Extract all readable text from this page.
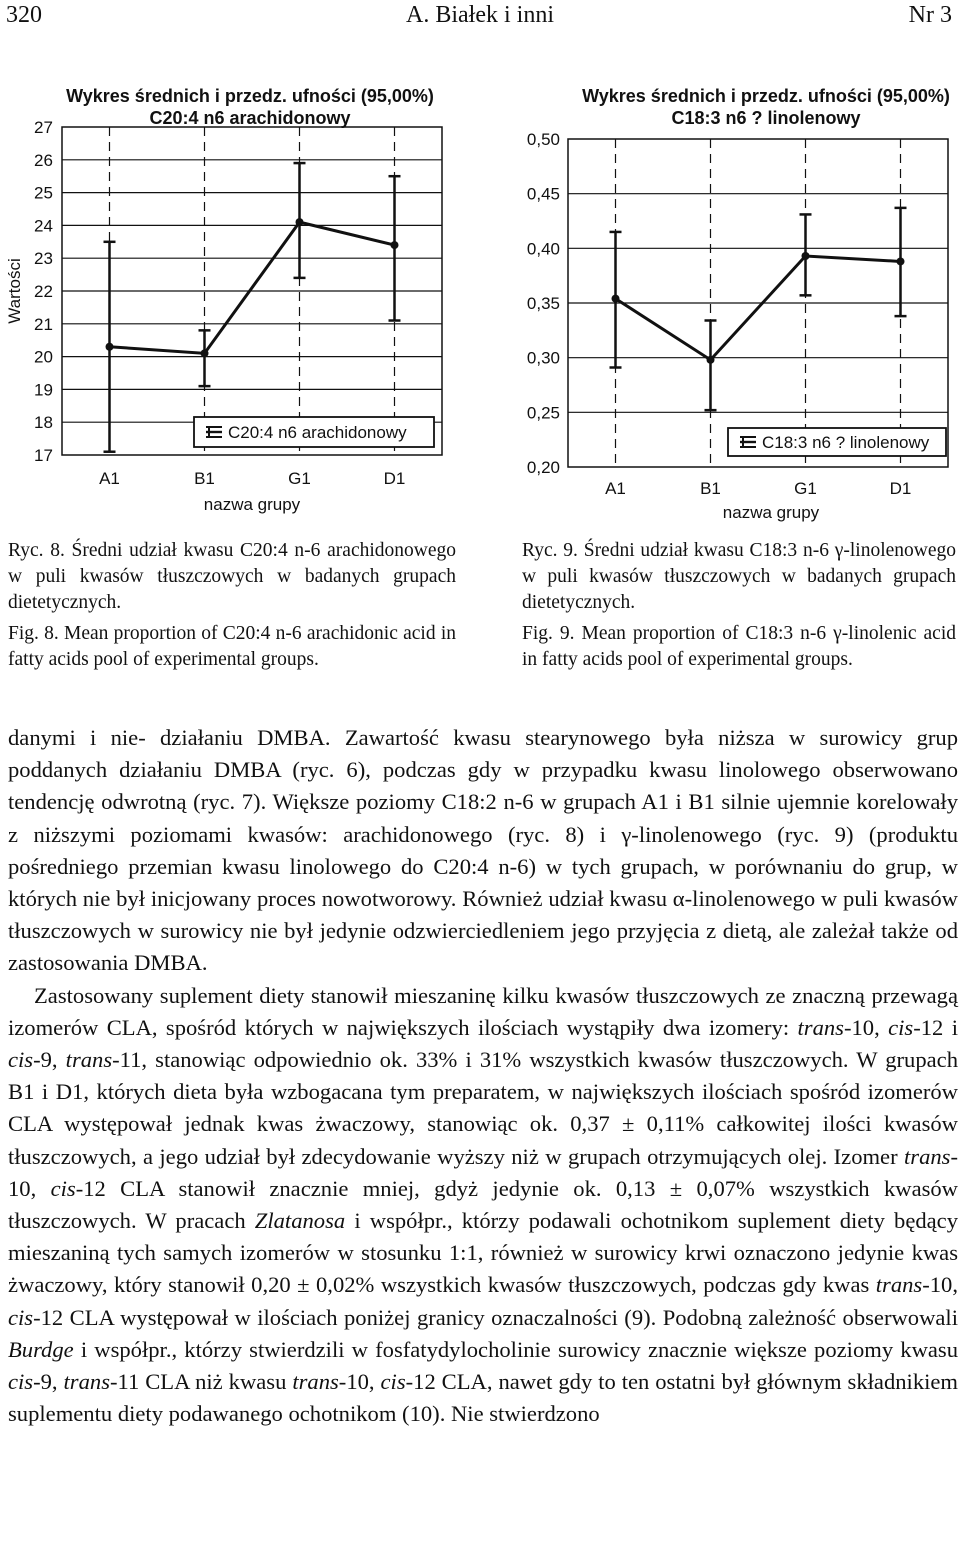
320	A. Białek i inni	Nr 3
Wykres średnich i przedz. ufności (95,00%)
C20:4 n6 arachidonowy
27
26
25
24
23
22
21
20
19
18
17
A1	B1	G1	D1
nazwa grupy
Wartości
C20:4 n6 arachidonowy
Wykres średnich i przedz. ufności (95,00%)
C18:3 n6 ? linolenowy
0,50
0,45
0,40
0,35
0,30
0,25
0,20
A1	B1	G1	D1
nazwa grupy
C18:3 n6 ? linolenowy

Ryc. 8. Średni udział kwasu C20:4 n-6 arachidonowego w puli kwasów tłuszczowych w badanych grupach dietetycznych.

Fig. 8. Mean proportion of C20:4 n-6 arachidonic acid in fatty acids pool of experimental groups.

Ryc. 9. Średni udział kwasu C18:3 n-6 γ-linolenowego w puli kwasów tłuszczowych w badanych grupach dietetycznych.

Fig. 9. Mean proportion of C18:3 n-6 γ-linolenic acid in fatty acids pool of experimental groups.

danymi i nie- działaniu DMBA. Zawartość kwasu stearynowego była niższa w surowicy grup poddanych działaniu DMBA (ryc. 6), podczas gdy w przypadku kwasu linolowego obserwowano tendencję odwrotną (ryc. 7). Większe poziomy C18:2 n-6 w grupach A1 i B1 silnie ujemnie korelowały z niższymi poziomami kwasów: arachidonowego (ryc. 8) i γ-linolenowego (ryc. 9) (produktu pośredniego przemian kwasu linolowego do C20:4 n-6) w tych grupach, w porównaniu do grup, w których nie był inicjowany proces nowotworowy. Również udział kwasu α-linolenowego w puli kwasów tłuszczowych w surowicy nie był jedynie odzwierciedleniem jego przyjęcia z dietą, ale zależał także od zastosowania DMBA.

Zastosowany suplement diety stanowił mieszaninę kilku kwasów tłuszczowych ze znaczną przewagą izomerów CLA, spośród których w największych ilościach wystąpiły dwa izomery: trans-10, cis-12 i cis-9, trans-11, stanowiąc odpowiednio ok. 33% i 31% wszystkich kwasów tłuszczowych. W grupach B1 i D1, których dieta była wzbogacana tym preparatem, w największych ilościach spośród izomerów CLA występował jednak kwas żwaczowy, stanowiąc ok. 0,37 ± 0,11% całkowitej ilości kwasów tłuszczowych, a jego udział był zdecydowanie wyższy niż w grupach otrzymujących olej. Izomer trans-10, cis-12 CLA stanowił znacznie mniej, gdyż jedynie ok. 0,13 ± 0,07% wszystkich kwasów tłuszczowych. W pracach Zlatanosa i współpr., którzy podawali ochotnikom suplement diety będący mieszaniną tych samych izomerów w stosunku 1:1, również w surowicy krwi oznaczono jedynie kwas żwaczowy, który stanowił 0,20 ± 0,02% wszystkich kwasów tłuszczowych, podczas gdy kwas trans-10, cis-12 CLA występował w ilościach poniżej granicy oznaczalności (9). Podobną zależność obserwowali Burdge i współpr., którzy stwierdzili w fosfatydylocholinie surowicy znacznie większe poziomy kwasu cis-9, trans-11 CLA niż kwasu trans-10, cis-12 CLA, nawet gdy to ten ostatni był głównym składnikiem suplementu diety podawanego ochotnikom (10). Nie stwierdzono
